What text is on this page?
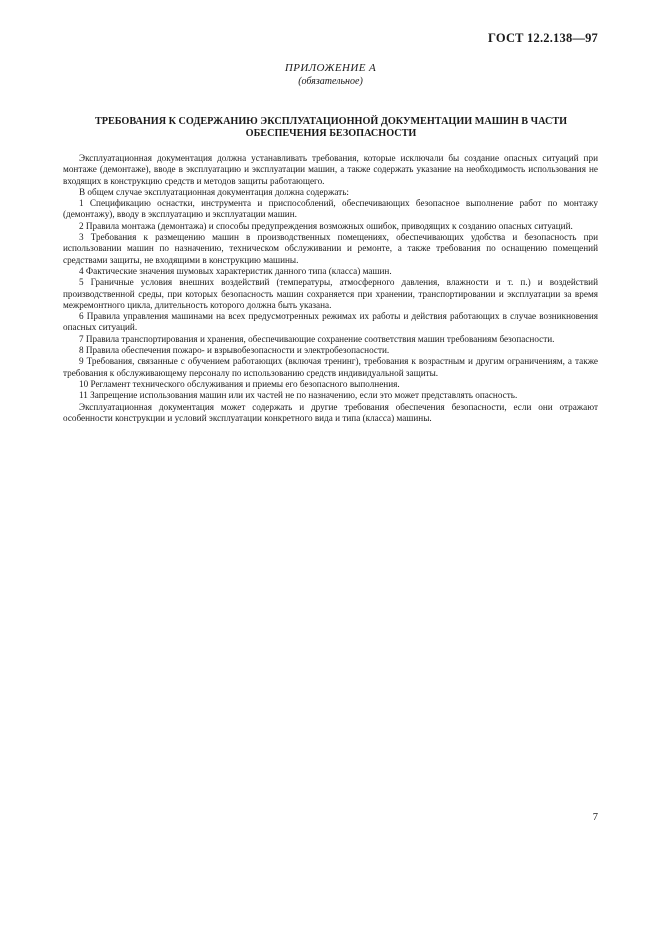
ГОСТ 12.2.138—97
ПРИЛОЖЕНИЕ А
(обязательное)
ТРЕБОВАНИЯ К СОДЕРЖАНИЮ ЭКСПЛУАТАЦИОННОЙ ДОКУМЕНТАЦИИ МАШИН В ЧАСТИ ОБЕСПЕЧЕНИЯ БЕЗОПАСНОСТИ

Эксплуатационная документация должна устанавливать требования, которые исключали бы создание опасных ситуаций при монтаже (демонтаже), вводе в эксплуатацию и эксплуатации машин, а также содержать указание на необходимость использования не входящих в конструкцию средств и методов защиты работающего.

В общем случае эксплуатационная документация должна содержать:

1 Спецификацию оснастки, инструмента и приспособлений, обеспечивающих безопасное выполнение работ по монтажу (демонтажу), вводу в эксплуатацию и эксплуатации машин.

2 Правила монтажа (демонтажа) и способы предупреждения возможных ошибок, приводящих к созданию опасных ситуаций.

3 Требования к размещению машин в производственных помещениях, обеспечивающих удобства и безопасность при использовании машин по назначению, техническом обслуживании и ремонте, а также требования по оснащению помещений средствами защиты, не входящими в конструкцию машины.

4 Фактические значения шумовых характеристик данного типа (класса) машин.

5 Граничные условия внешних воздействий (температуры, атмосферного давления, влажности и т. п.) и воздействий производственной среды, при которых безопасность машин сохраняется при хранении, транспортировании и эксплуатации за время межремонтного цикла, длительность которого должна быть указана.

6 Правила управления машинами на всех предусмотренных режимах их работы и действия работающих в случае возникновения опасных ситуаций.

7 Правила транспортирования и хранения, обеспечивающие сохранение соответствия машин требованиям безопасности.

8 Правила обеспечения пожаро- и взрывобезопасности и электробезопасности.

9 Требования, связанные с обучением работающих (включая тренинг), требования к возрастным и другим ограничениям, а также требования к обслуживающему персоналу по использованию средств индивидуальной защиты.

10 Регламент технического обслуживания и приемы его безопасного выполнения.

11 Запрещение использования машин или их частей не по назначению, если это может представлять опасность.

Эксплуатационная документация может содержать и другие требования обеспечения безопасности, если они отражают особенности конструкции и условий эксплуатации конкретного вида и типа (класса) машины.

7
